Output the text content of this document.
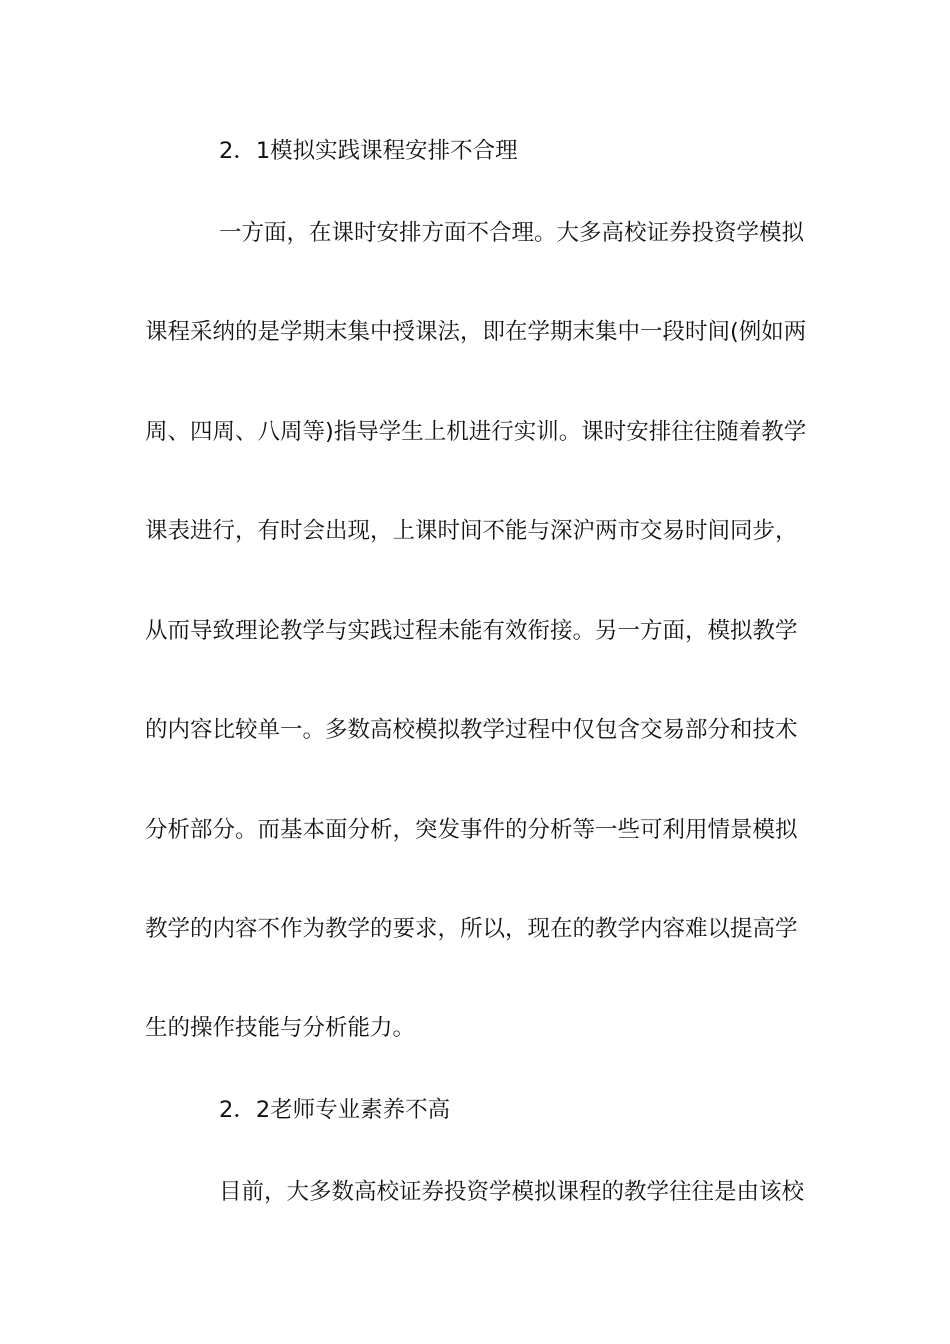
2．1模拟实践课程安排不合理
一方面，在课时安排方面不合理。大多高校证券投资学模拟
课程采纳的是学期末集中授课法，即在学期末集中一段时间(例如两
周、四周、八周等)指导学生上机进行实训。课时安排往往随着教学
课表进行，有时会出现，上课时间不能与深沪两市交易时间同步，
从而导致理论教学与实践过程未能有效衔接。另一方面，模拟教学
的内容比较单一。多数高校模拟教学过程中仅包含交易部分和技术
分析部分。而基本面分析，突发事件的分析等一些可利用情景模拟
教学的内容不作为教学的要求，所以，现在的教学内容难以提高学
生的操作技能与分析能力。
2．2老师专业素养不高
目前，大多数高校证券投资学模拟课程的教学往往是由该校
